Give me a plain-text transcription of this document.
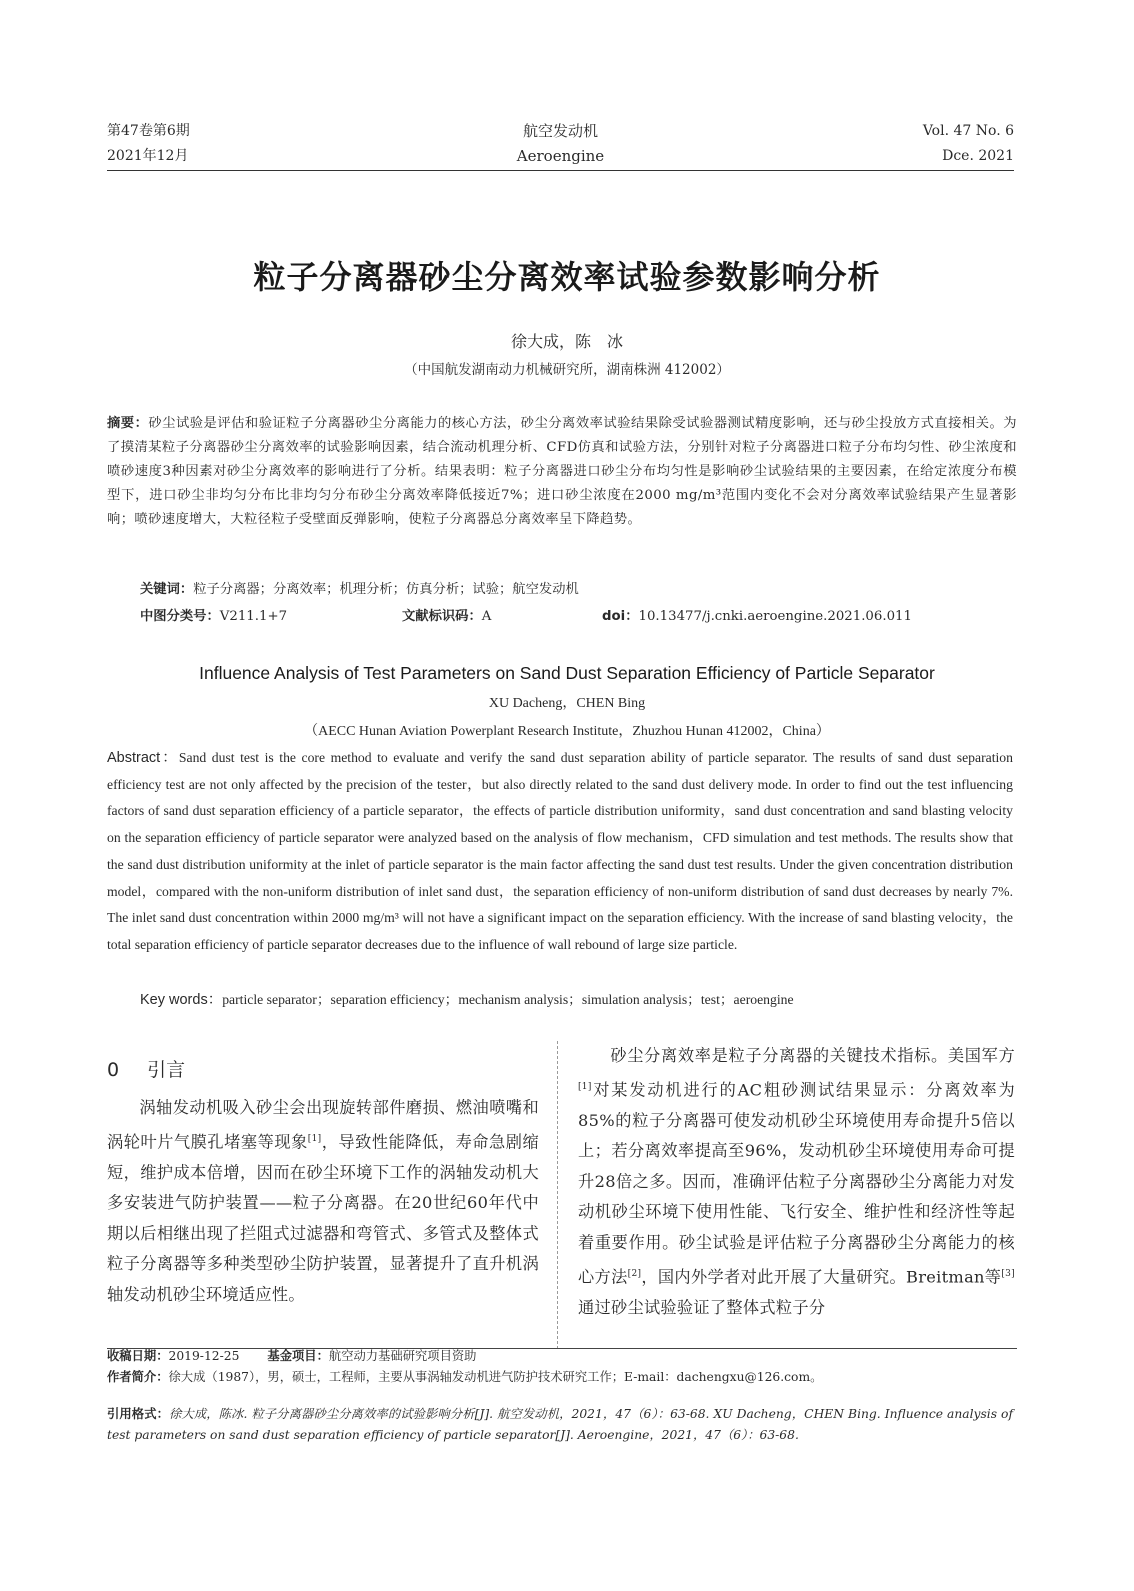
第47卷第6期
2021年12月
航空发动机
Aeroengine
Vol. 47 No. 6
Dce. 2021
粒子分离器砂尘分离效率试验参数影响分析
徐大成，陈　冰
（中国航发湖南动力机械研究所，湖南株洲 412002）
摘要：砂尘试验是评估和验证粒子分离器砂尘分离能力的核心方法，砂尘分离效率试验结果除受试验器测试精度影响，还与砂尘投放方式直接相关。为了摸清某粒子分离器砂尘分离效率的试验影响因素，结合流动机理分析、CFD仿真和试验方法，分别针对粒子分离器进口粒子分布均匀性、砂尘浓度和喷砂速度3种因素对砂尘分离效率的影响进行了分析。结果表明：粒子分离器进口砂尘分布均匀性是影响砂尘试验结果的主要因素，在给定浓度分布模型下，进口砂尘非均匀分布比非均匀分布砂尘分离效率降低接近7%；进口砂尘浓度在2000 mg/m³范围内变化不会对分离效率试验结果产生显著影响；喷砂速度增大，大粒径粒子受壁面反弹影响，使粒子分离器总分离效率呈下降趋势。
关键词：粒子分离器；分离效率；机理分析；仿真分析；试验；航空发动机
中图分类号：V211.1+7	文献标识码：A	doi：10.13477/j.cnki.aeroengine.2021.06.011
Influence Analysis of Test Parameters on Sand Dust Separation Efficiency of Particle Separator
XU Dacheng，CHEN Bing
（AECC Hunan Aviation Powerplant Research Institute，Zhuzhou Hunan 412002，China）
Abstract：Sand dust test is the core method to evaluate and verify the sand dust separation ability of particle separator. The results of sand dust separation efficiency test are not only affected by the precision of the tester，but also directly related to the sand dust delivery mode. In order to find out the test influencing factors of sand dust separation efficiency of a particle separator，the effects of particle distribution uniformity，sand dust concentration and sand blasting velocity on the separation efficiency of particle separator were analyzed based on the analysis of flow mechanism，CFD simulation and test methods. The results show that the sand dust distribution uniformity at the inlet of particle separator is the main factor affecting the sand dust test results. Under the given concentration distribution model，compared with the non-uniform distribution of inlet sand dust，the separation efficiency of non-uniform distribution of sand dust decreases by nearly 7%. The inlet sand dust concentration within 2000 mg/m³ will not have a significant impact on the separation efficiency. With the increase of sand blasting velocity，the total separation efficiency of particle separator decreases due to the influence of wall rebound of large size particle.
Key words：particle separator；separation efficiency；mechanism analysis；simulation analysis；test；aeroengine
0 引言
涡轴发动机吸入砂尘会出现旋转部件磨损、燃油喷嘴和涡轮叶片气膜孔堵塞等现象[1]，导致性能降低，寿命急剧缩短，维护成本倍增，因而在砂尘环境下工作的涡轴发动机大多安装进气防护装置——粒子分离器。在20世纪60年代中期以后相继出现了拦阻式过滤器和弯管式、多管式及整体式粒子分离器等多种类型砂尘防护装置，显著提升了直升机涡轴发动机砂尘环境适应性。
砂尘分离效率是粒子分离器的关键技术指标。美国军方[1]对某发动机进行的AC粗砂测试结果显示：分离效率为85%的粒子分离器可使发动机砂尘环境使用寿命提升5倍以上；若分离效率提高至96%，发动机砂尘环境使用寿命可提升28倍之多。因而，准确评估粒子分离器砂尘分离能力对发动机砂尘环境下使用性能、飞行安全、维护性和经济性等起着重要作用。砂尘试验是评估粒子分离器砂尘分离能力的核心方法[2]，国内外学者对此开展了大量研究。Breitman等[3]通过砂尘试验验证了整体式粒子分
收稿日期：2019-12-25 基金项目：航空动力基础研究项目资助
作者简介：徐大成（1987），男，硕士，工程师，主要从事涡轴发动机进气防护技术研究工作；E-mail：dachengxu@126.com。
引用格式：徐大成，陈冰. 粒子分离器砂尘分离效率的试验影响分析[J]. 航空发动机，2021，47（6）：63-68. XU Dacheng，CHEN Bing. Influence analysis of test parameters on sand dust separation efficiency of particle separator[J]. Aeroengine，2021，47（6）：63-68.
